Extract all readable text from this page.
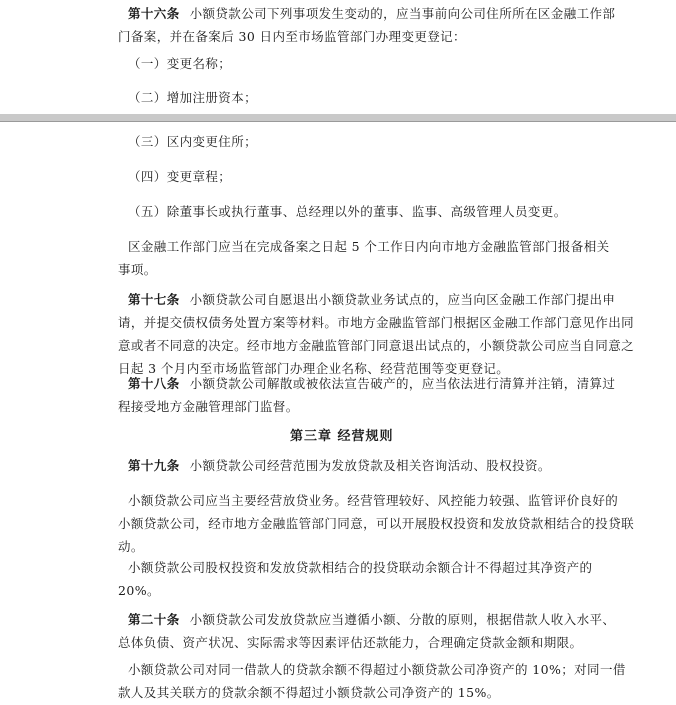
第十六条 小额贷款公司下列事项发生变动的，应当事前向公司住所所在区金融工作部
门备案，并在备案后 30 日内至市场监管部门办理变更登记：
（一）变更名称；
（二）增加注册资本；
（三）区内变更住所；
（四）变更章程；
（五）除董事长或执行董事、总经理以外的董事、监事、高级管理人员变更。
区金融工作部门应当在完成备案之日起 5 个工作日内向市地方金融监管部门报备相关
事项。
第十七条 小额贷款公司自愿退出小额贷款业务试点的，应当向区金融工作部门提出申
请，并提交债权债务处置方案等材料。市地方金融监管部门根据区金融工作部门意见作出同
意或者不同意的决定。经市地方金融监管部门同意退出试点的，小额贷款公司应当自同意之
日起 3 个月内至市场监管部门办理企业名称、经营范围等变更登记。
第十八条 小额贷款公司解散或被依法宣告破产的，应当依法进行清算并注销，清算过
程接受地方金融管理部门监督。
第三章 经营规则
第十九条 小额贷款公司经营范围为发放贷款及相关咨询活动、股权投资。
小额贷款公司应当主要经营放贷业务。经营管理较好、风控能力较强、监管评价良好的
小额贷款公司，经市地方金融监管部门同意，可以开展股权投资和发放贷款相结合的投贷联
动。
小额贷款公司股权投资和发放贷款相结合的投贷联动余额合计不得超过其净资产的
20%。
第二十条 小额贷款公司发放贷款应当遵循小额、分散的原则，根据借款人收入水平、
总体负债、资产状况、实际需求等因素评估还款能力，合理确定贷款金额和期限。
小额贷款公司对同一借款人的贷款余额不得超过小额贷款公司净资产的 10%；对同一借
款人及其关联方的贷款余额不得超过小额贷款公司净资产的 15%。
